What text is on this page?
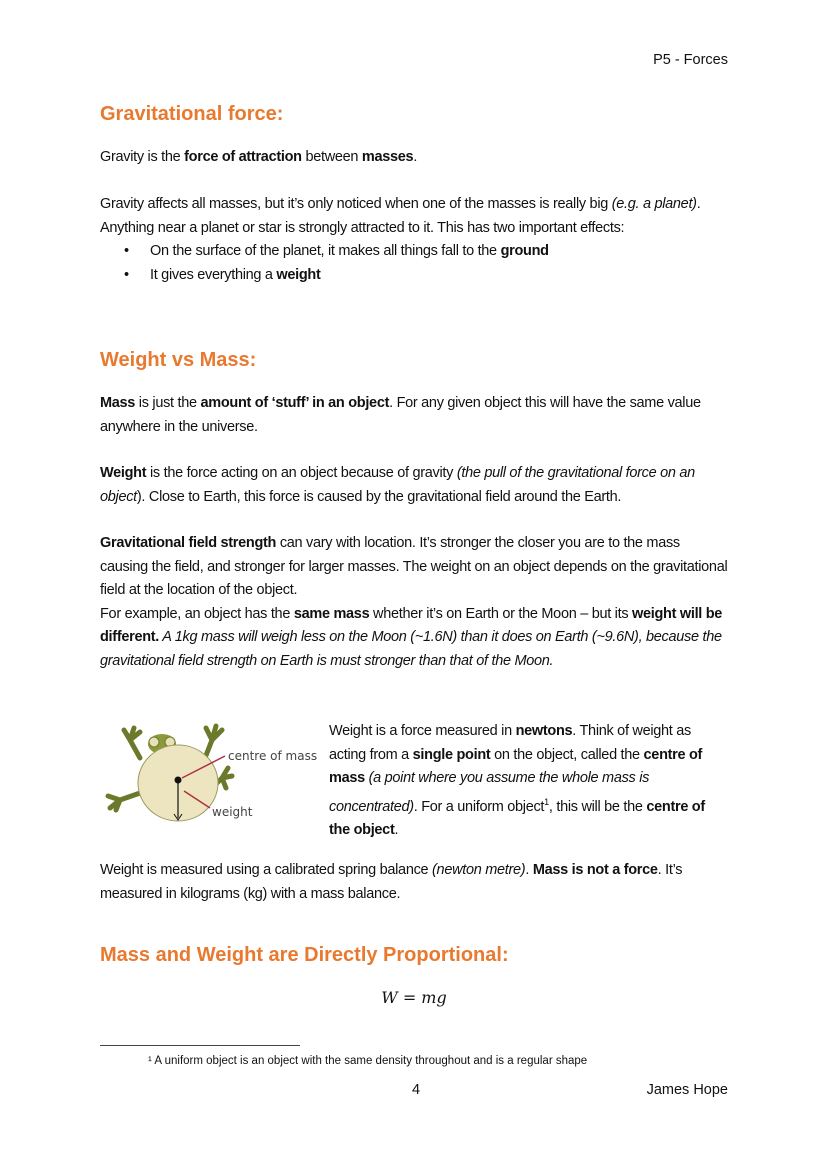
P5 - Forces
Gravitational force:
Gravity is the force of attraction between masses.
Gravity affects all masses, but it’s only noticed when one of the masses is really big (e.g. a planet).
Anything near a planet or star is strongly attracted to it. This has two important effects:
• On the surface of the planet, it makes all things fall to the ground
• It gives everything a weight
Weight vs Mass:
Mass is just the amount of ‘stuff’ in an object. For any given object this will have the same value anywhere in the universe.
Weight is the force acting on an object because of gravity (the pull of the gravitational force on an object). Close to Earth, this force is caused by the gravitational field around the Earth.
Gravitational field strength can vary with location. It’s stronger the closer you are to the mass causing the field, and stronger for larger masses. The weight on an object depends on the gravitational field at the location of the object.
For example, an object has the same mass whether it’s on Earth or the Moon – but its weight will be different. A 1kg mass will weigh less on the Moon (~1.6N) than it does on Earth (~9.6N), because the gravitational field strength on Earth is must stronger than that of the Moon.
centre of mass
weight
Weight is a force measured in newtons. Think of weight as acting from a single point on the object, called the centre of mass (a point where you assume the whole mass is concentrated). For a uniform object$^1$, this will be the centre of the object.
Weight is measured using a calibrated spring balance (newton metre). Mass is not a force. It’s measured in kilograms (kg) with a mass balance.
Mass and Weight are Directly Proportional:
W = mg
¹ A uniform object is an object with the same density throughout and is a regular shape
4	James Hope
